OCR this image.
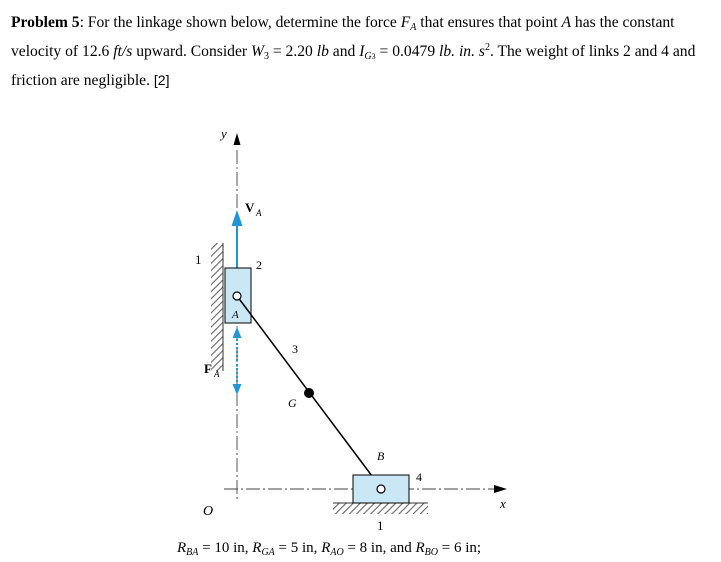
Problem 5: For the linkage shown below, determine the force $F_A$ that ensures that point A has the constant velocity of 12.6 ft/s upward. Consider $W_3 = 2.20$ lb and $I_{G3} = 0.0479$ lb. in. $s^2$. The weight of links 2 and 4 and friction are negligible. [2]
y
x
O
1
1
V A
2
F A
3
A
G
4
B
$R_{BA} = 10$ in, $R_{GA} = 5$ in, $R_{AO} = 8$ in, and $R_{BO} = 6$ in;
